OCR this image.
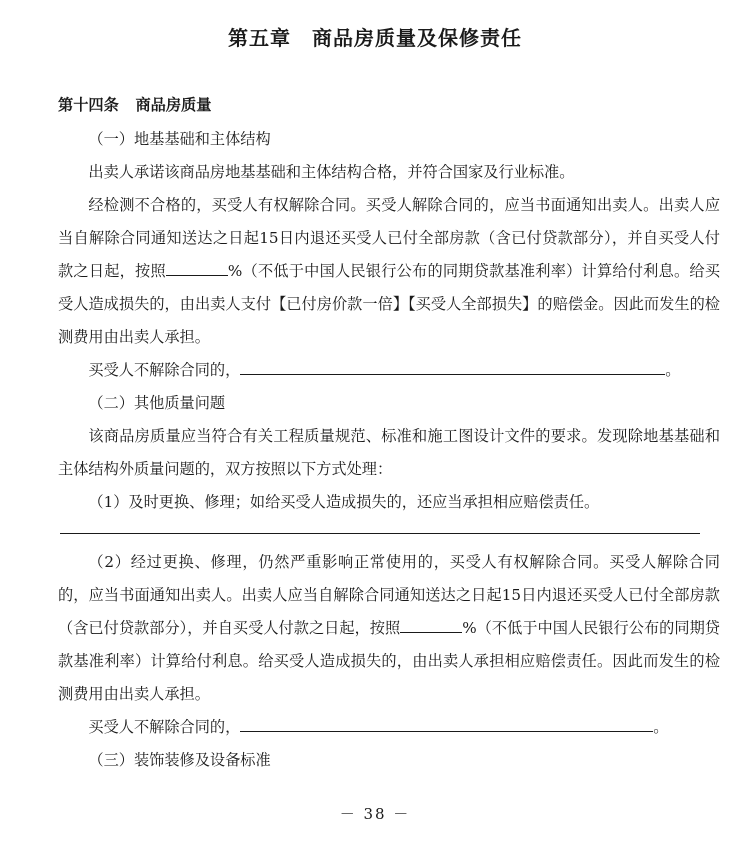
第五章　商品房质量及保修责任

第十四条 商品房质量

（一）地基基础和主体结构

出卖人承诺该商品房地基基础和主体结构合格，并符合国家及行业标准。

经检测不合格的，买受人有权解除合同。买受人解除合同的，应当书面通知出卖人。出卖人应当自解除合同通知送达之日起15日内退还买受人已付全部房款（含已付贷款部分），并自买受人付款之日起，按照	%（不低于中国人民银行公布的同期贷款基准利率）计算给付利息。给买受人造成损失的，由出卖人支付【已付房价款一倍】【买受人全部损失】的赔偿金。因此而发生的检测费用由出卖人承担。

买受人不解除合同的，	。

（二）其他质量问题

该商品房质量应当符合有关工程质量规范、标准和施工图设计文件的要求。发现除地基基础和主体结构外质量问题的，双方按照以下方式处理：

（1）及时更换、修理；如给买受人造成损失的，还应当承担相应赔偿责任。

（2）经过更换、修理，仍然严重影响正常使用的，买受人有权解除合同。买受人解除合同的，应当书面通知出卖人。出卖人应当自解除合同通知送达之日起15日内退还买受人已付全部房款（含已付贷款部分），并自买受人付款之日起，按照	%（不低于中国人民银行公布的同期贷款基准利率）计算给付利息。给买受人造成损失的，由出卖人承担相应赔偿责任。因此而发生的检测费用由出卖人承担。

买受人不解除合同的，	。

（三）装饰装修及设备标准

－ 38 －
